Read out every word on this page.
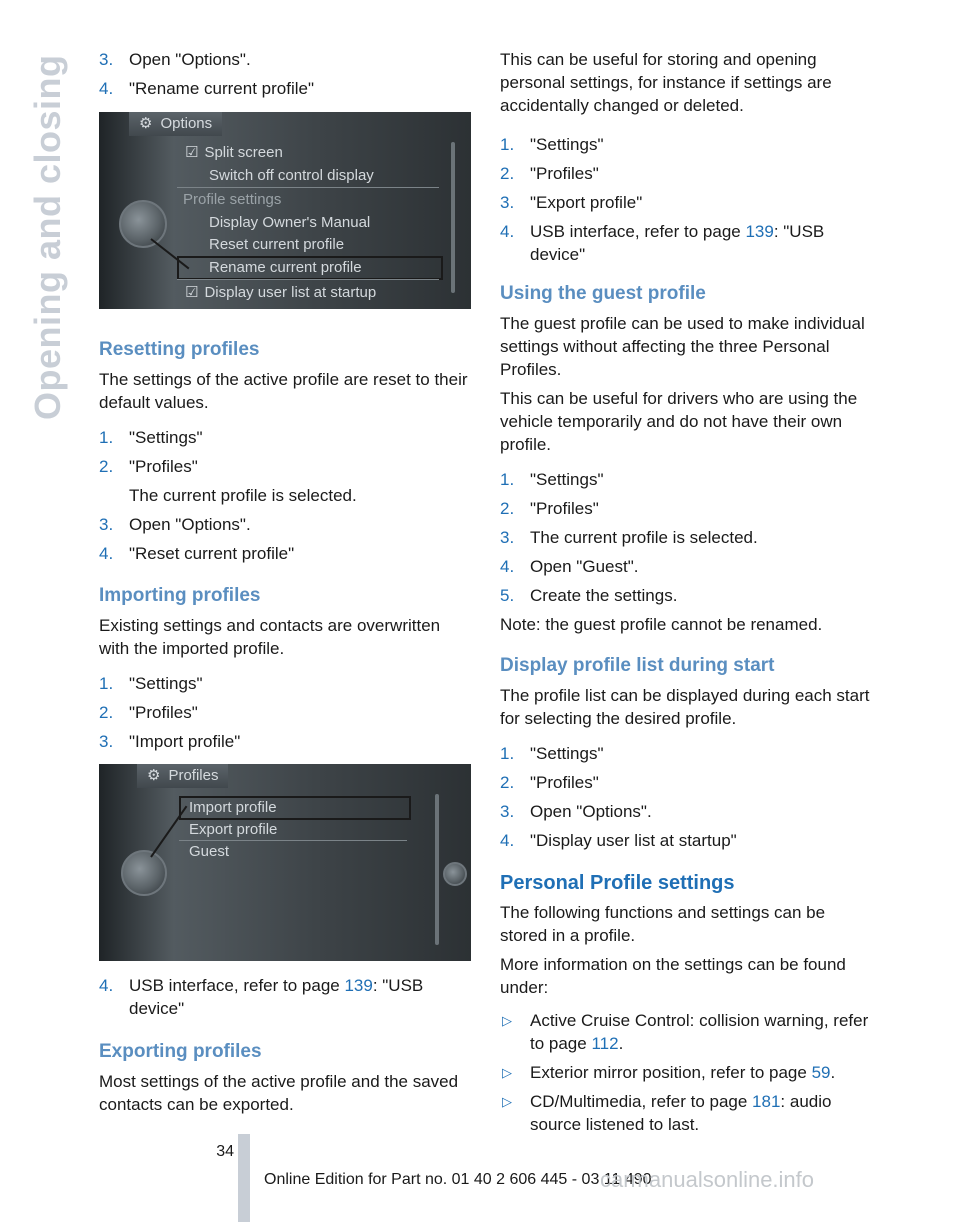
Opening and closing 3. Open "Options".
4. "Rename current profile"
⚙ Options
☑ Split screen
Switch off control display
Profile settings
Display Owner's Manual
Reset current profile
Rename current profile
☑ Display user list at startup
Resetting profiles

The settings of the active profile are reset to their default values.

1. "Settings"
2. "Profiles"
The current profile is selected.
3. Open "Options".
4. "Reset current profile"
Importing profiles

Existing settings and contacts are overwritten with the imported profile.

1. "Settings"
2. "Profiles"
3. "Import profile"
⚙ Profiles
Import profile
Export profile
Guest
4. USB interface, refer to page 139: "USB device"
Exporting profiles

Most settings of the active profile and the saved contacts can be exported.

This can be useful for storing and opening personal settings, for instance if settings are accidentally changed or deleted.

1. "Settings"
2. "Profiles"
3. "Export profile"
4. USB interface, refer to page 139: "USB device"
Using the guest profile

The guest profile can be used to make individual settings without affecting the three Personal Profiles.

This can be useful for drivers who are using the vehicle temporarily and do not have their own profile.

1. "Settings"
2. "Profiles"
3. The current profile is selected.
4. Open "Guest".
5. Create the settings.

Note: the guest profile cannot be renamed.

Display profile list during start

The profile list can be displayed during each start for selecting the desired profile.

1. "Settings"
2. "Profiles"
3. Open "Options".
4. "Display user list at startup"
Personal Profile settings

The following functions and settings can be stored in a profile.

More information on the settings can be found under:

▷ Active Cruise Control: collision warning, refer to page 112.
▷ Exterior mirror position, refer to page 59.
▷ CD/Multimedia, refer to page 181: audio source listened to last.
34
Online Edition for Part no. 01 40 2 606 445 - 03 11 490
carmanualsonline.info
